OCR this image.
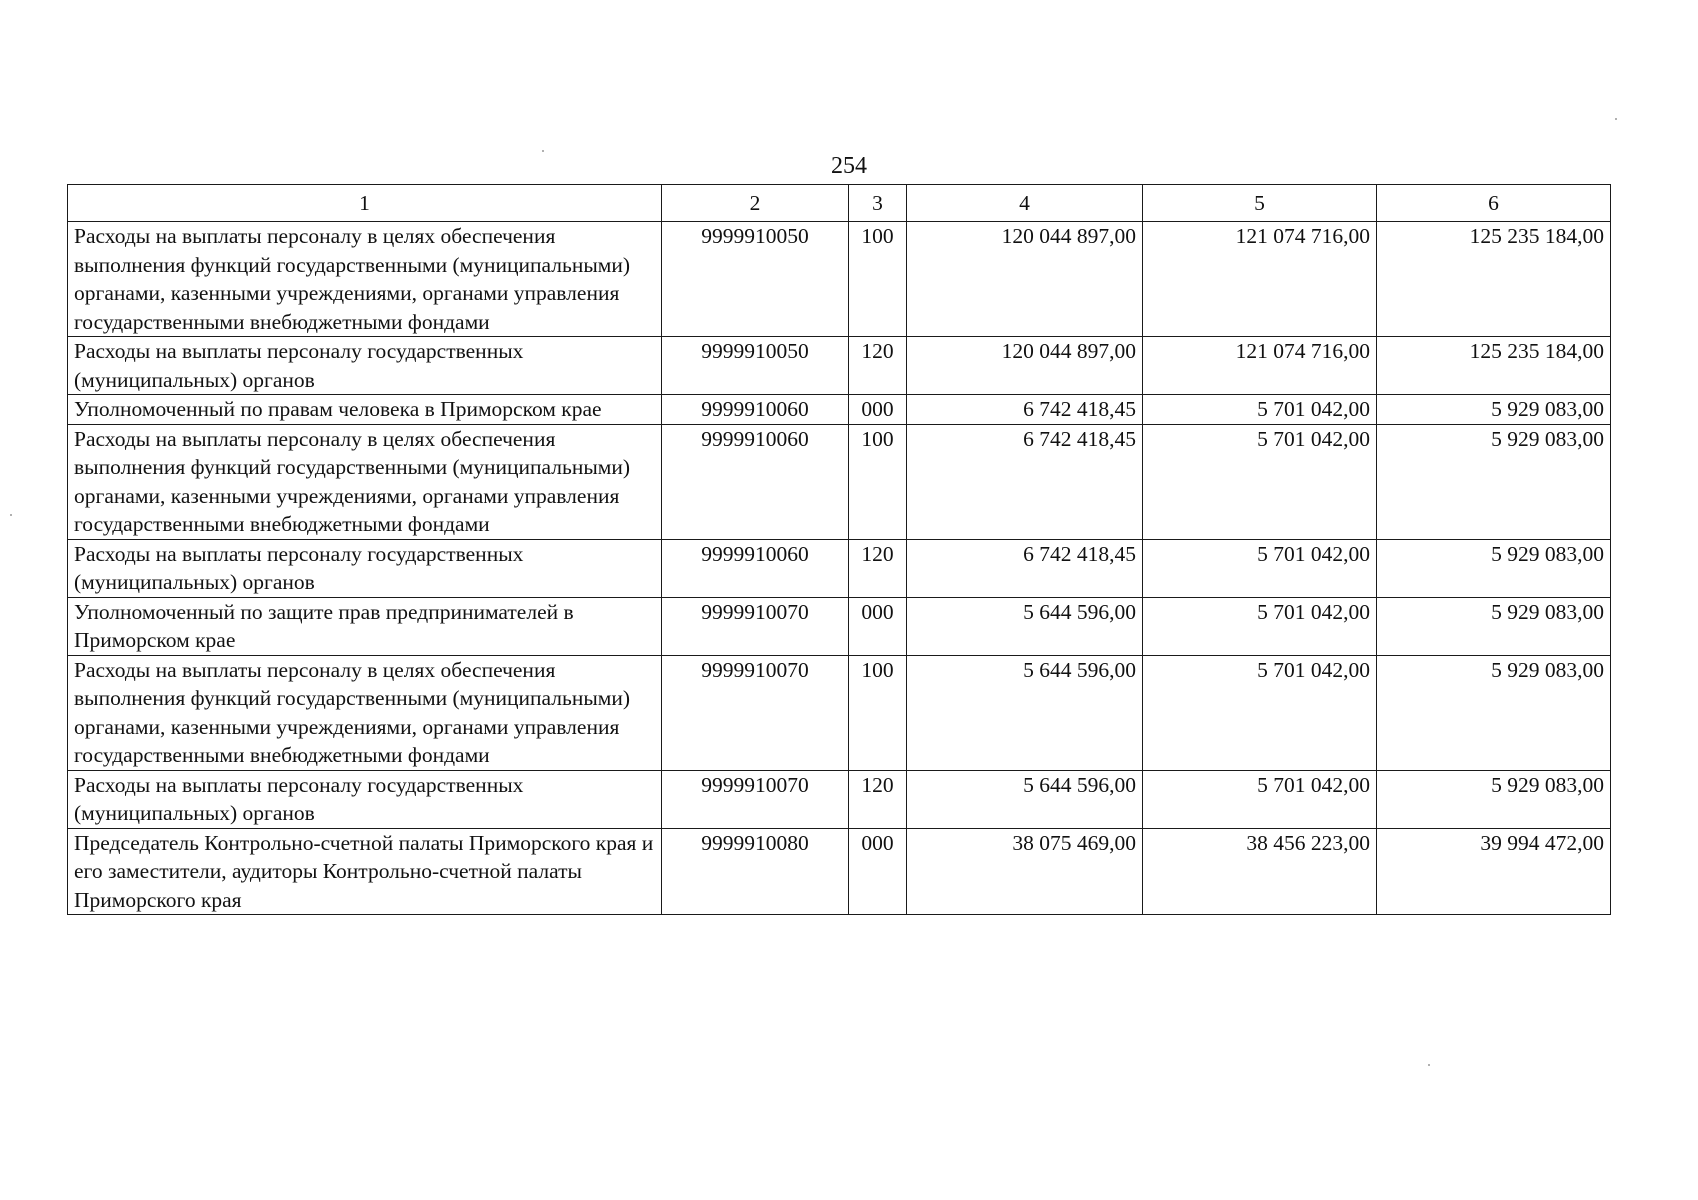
254
1	2	3	4	5	6
Расходы на выплаты персоналу в целях обеспечения выполнения функций государственными (муниципальными) органами, казенными учреждениями, органами управления государственными внебюджетными фондами	9999910050	100	120 044 897,00	121 074 716,00	125 235 184,00
Расходы на выплаты персоналу государственных (муниципальных) органов	9999910050	120	120 044 897,00	121 074 716,00	125 235 184,00
Уполномоченный по правам человека в Приморском крае	9999910060	000	6 742 418,45	5 701 042,00	5 929 083,00
Расходы на выплаты персоналу в целях обеспечения выполнения функций государственными (муниципальными) органами, казенными учреждениями, органами управления государственными внебюджетными фондами	9999910060	100	6 742 418,45	5 701 042,00	5 929 083,00
Расходы на выплаты персоналу государственных (муниципальных) органов	9999910060	120	6 742 418,45	5 701 042,00	5 929 083,00
Уполномоченный по защите прав предпринимателей в Приморском крае	9999910070	000	5 644 596,00	5 701 042,00	5 929 083,00
Расходы на выплаты персоналу в целях обеспечения выполнения функций государственными (муниципальными) органами, казенными учреждениями, органами управления государственными внебюджетными фондами	9999910070	100	5 644 596,00	5 701 042,00	5 929 083,00
Расходы на выплаты персоналу государственных (муниципальных) органов	9999910070	120	5 644 596,00	5 701 042,00	5 929 083,00
Председатель Контрольно-счетной палаты Приморского края и его заместители, аудиторы Контрольно-счетной палаты Приморского края	9999910080	000	38 075 469,00	38 456 223,00	39 994 472,00
